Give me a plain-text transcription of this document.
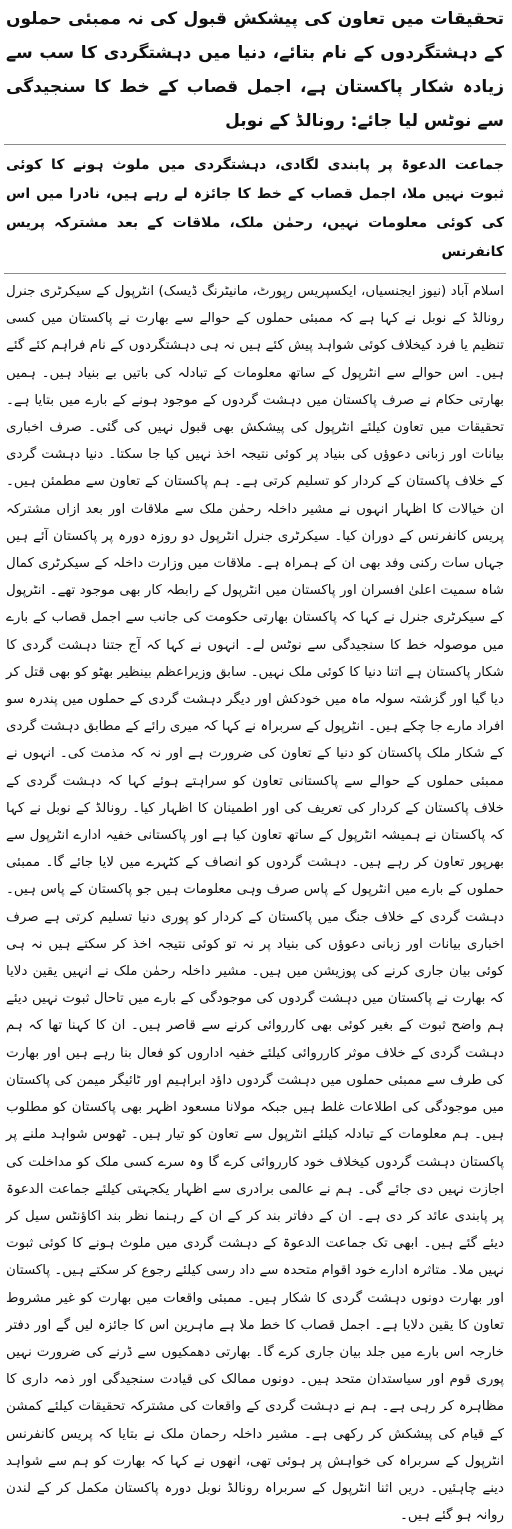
تحقیقات میں تعاون کی پیشکش قبول کی نہ ممبئی حملوں کے دہشتگردوں کے نام بتائے، دنیا میں دہشتگردی کا سب سے زیادہ شکار پاکستان ہے، اجمل قصاب کے خط کا سنجیدگی سے نوٹس لیا جائے: رونالڈ کے نوبل
جماعت الدعوۃ پر پابندی لگادی، دہشتگردی میں ملوث ہونے کا کوئی ثبوت نہیں ملا، اجمل قصاب کے خط کا جائزہ لے رہے ہیں، نادرا میں اس کی کوئی معلومات نہیں، رحمٰن ملک، ملاقات کے بعد مشترکہ پریس کانفرنس
اسلام آباد (نیوز ایجنسیاں، ایکسپریس رپورٹ، مانیٹرنگ ڈیسک) انٹرپول کے سیکرٹری جنرل رونالڈ کے نوبل نے کہا ہے کہ ممبئی حملوں کے حوالے سے بھارت نے پاکستان میں کسی تنظیم یا فرد کیخلاف کوئی شواہد پیش کئے ہیں نہ ہی دہشتگردوں کے نام فراہم کئے گئے ہیں۔ اس حوالے سے انٹرپول کے ساتھ معلومات کے تبادلہ کی باتیں بے بنیاد ہیں۔ ہمیں بھارتی حکام نے صرف پاکستان میں دہشت گردوں کے موجود ہونے کے بارے میں بتایا ہے۔ تحقیقات میں تعاون کیلئے انٹرپول کی پیشکش بھی قبول نہیں کی گئی۔ صرف اخباری بیانات اور زبانی دعوؤں کی بنیاد پر کوئی نتیجہ اخذ نہیں کیا جا سکتا۔ دنیا دہشت گردی کے خلاف پاکستان کے کردار کو تسلیم کرتی ہے۔ ہم پاکستان کے تعاون سے مطمئن ہیں۔ ان خیالات کا اظہار انہوں نے مشیر داخلہ رحمٰن ملک سے ملاقات اور بعد ازاں مشترکہ پریس کانفرنس کے دوران کیا۔ سیکرٹری جنرل انٹرپول دو روزہ دورہ پر پاکستان آئے ہیں جہاں سات رکنی وفد بھی ان کے ہمراہ ہے۔ ملاقات میں وزارت داخلہ کے سیکرٹری کمال شاہ سمیت اعلیٰ افسران اور پاکستان میں انٹرپول کے رابطہ کار بھی موجود تھے۔ انٹرپول کے سیکرٹری جنرل نے کہا کہ پاکستان بھارتی حکومت کی جانب سے اجمل قصاب کے بارے میں موصولہ خط کا سنجیدگی سے نوٹس لے۔ انہوں نے کہا کہ آج جتنا دہشت گردی کا شکار پاکستان ہے اتنا دنیا کا کوئی ملک نہیں۔ سابق وزیراعظم بینظیر بھٹو کو بھی قتل کر دیا گیا اور گزشتہ سولہ ماہ میں خودکش اور دیگر دہشت گردی کے حملوں میں پندرہ سو افراد مارے جا چکے ہیں۔ انٹرپول کے سربراہ نے کہا کہ میری رائے کے مطابق دہشت گردی کے شکار ملک پاکستان کو دنیا کے تعاون کی ضرورت ہے اور نہ کہ مذمت کی۔ انہوں نے ممبئی حملوں کے حوالے سے پاکستانی تعاون کو سراہتے ہوئے کہا کہ دہشت گردی کے خلاف پاکستان کے کردار کی تعریف کی اور اطمینان کا اظہار کیا۔ رونالڈ کے نوبل نے کہا کہ پاکستان نے ہمیشہ انٹرپول کے ساتھ تعاون کیا ہے اور پاکستانی خفیہ ادارے انٹرپول سے بھرپور تعاون کر رہے ہیں۔ دہشت گردوں کو انصاف کے کٹہرے میں لایا جائے گا۔ ممبئی حملوں کے بارے میں انٹرپول کے پاس صرف وہی معلومات ہیں جو پاکستان کے پاس ہیں۔ دہشت گردی کے خلاف جنگ میں پاکستان کے کردار کو پوری دنیا تسلیم کرتی ہے صرف اخباری بیانات اور زبانی دعوؤں کی بنیاد پر نہ تو کوئی نتیجہ اخذ کر سکتے ہیں نہ ہی کوئی بیان جاری کرنے کی پوزیشن میں ہیں۔ مشیر داخلہ رحمٰن ملک نے انہیں یقین دلایا کہ بھارت نے پاکستان میں دہشت گردوں کی موجودگی کے بارے میں تاحال ثبوت نہیں دیئے ہم واضح ثبوت کے بغیر کوئی بھی کارروائی کرنے سے قاصر ہیں۔ ان کا کہنا تھا کہ ہم دہشت گردی کے خلاف موثر کارروائی کیلئے خفیہ اداروں کو فعال بنا رہے ہیں اور بھارت کی طرف سے ممبئی حملوں میں دہشت گردوں داؤد ابراہیم اور ٹائیگر میمن کی پاکستان میں موجودگی کی اطلاعات غلط ہیں جبکہ مولانا مسعود اظہر بھی پاکستان کو مطلوب ہیں۔ ہم معلومات کے تبادلہ کیلئے انٹرپول سے تعاون کو تیار ہیں۔ ٹھوس شواہد ملنے پر پاکستان دہشت گردوں کیخلاف خود کارروائی کرے گا وہ سرے کسی ملک کو مداخلت کی اجازت نہیں دی جائے گی۔ ہم نے عالمی برادری سے اظہار یکجہتی کیلئے جماعت الدعوۃ پر پابندی عائد کر دی ہے۔ ان کے دفاتر بند کر کے ان کے رہنما نظر بند اکاؤنٹس سیل کر دیئے گئے ہیں۔ ابھی تک جماعت الدعوۃ کے دہشت گردی میں ملوث ہونے کا کوئی ثبوت نہیں ملا۔ متاثرہ ادارے خود اقوام متحدہ سے داد رسی کیلئے رجوع کر سکتے ہیں۔ پاکستان اور بھارت دونوں دہشت گردی کا شکار ہیں۔ ممبئی واقعات میں بھارت کو غیر مشروط تعاون کا یقین دلایا ہے۔ اجمل قصاب کا خط ملا ہے ماہرین اس کا جائزہ لیں گے اور دفتر خارجہ اس بارے میں جلد بیان جاری کرے گا۔ بھارتی دھمکیوں سے ڈرنے کی ضرورت نہیں پوری قوم اور سیاستدان متحد ہیں۔ دونوں ممالک کی قیادت سنجیدگی اور ذمہ داری کا مظاہرہ کر رہی ہے۔ ہم نے دہشت گردی کے واقعات کی مشترکہ تحقیقات کیلئے کمشن کے قیام کی پیشکش کر رکھی ہے۔ مشیر داخلہ رحمان ملک نے بتایا کہ پریس کانفرنس انٹرپول کے سربراہ کی خواہش پر ہوئی تھی، انھوں نے کہا کہ بھارت کو ہم سے شواہد دینے چاہئیں۔ دریں اثنا انٹرپول کے سربراہ رونالڈ نوبل دورہ پاکستان مکمل کر کے لندن روانہ ہو گئے ہیں۔
